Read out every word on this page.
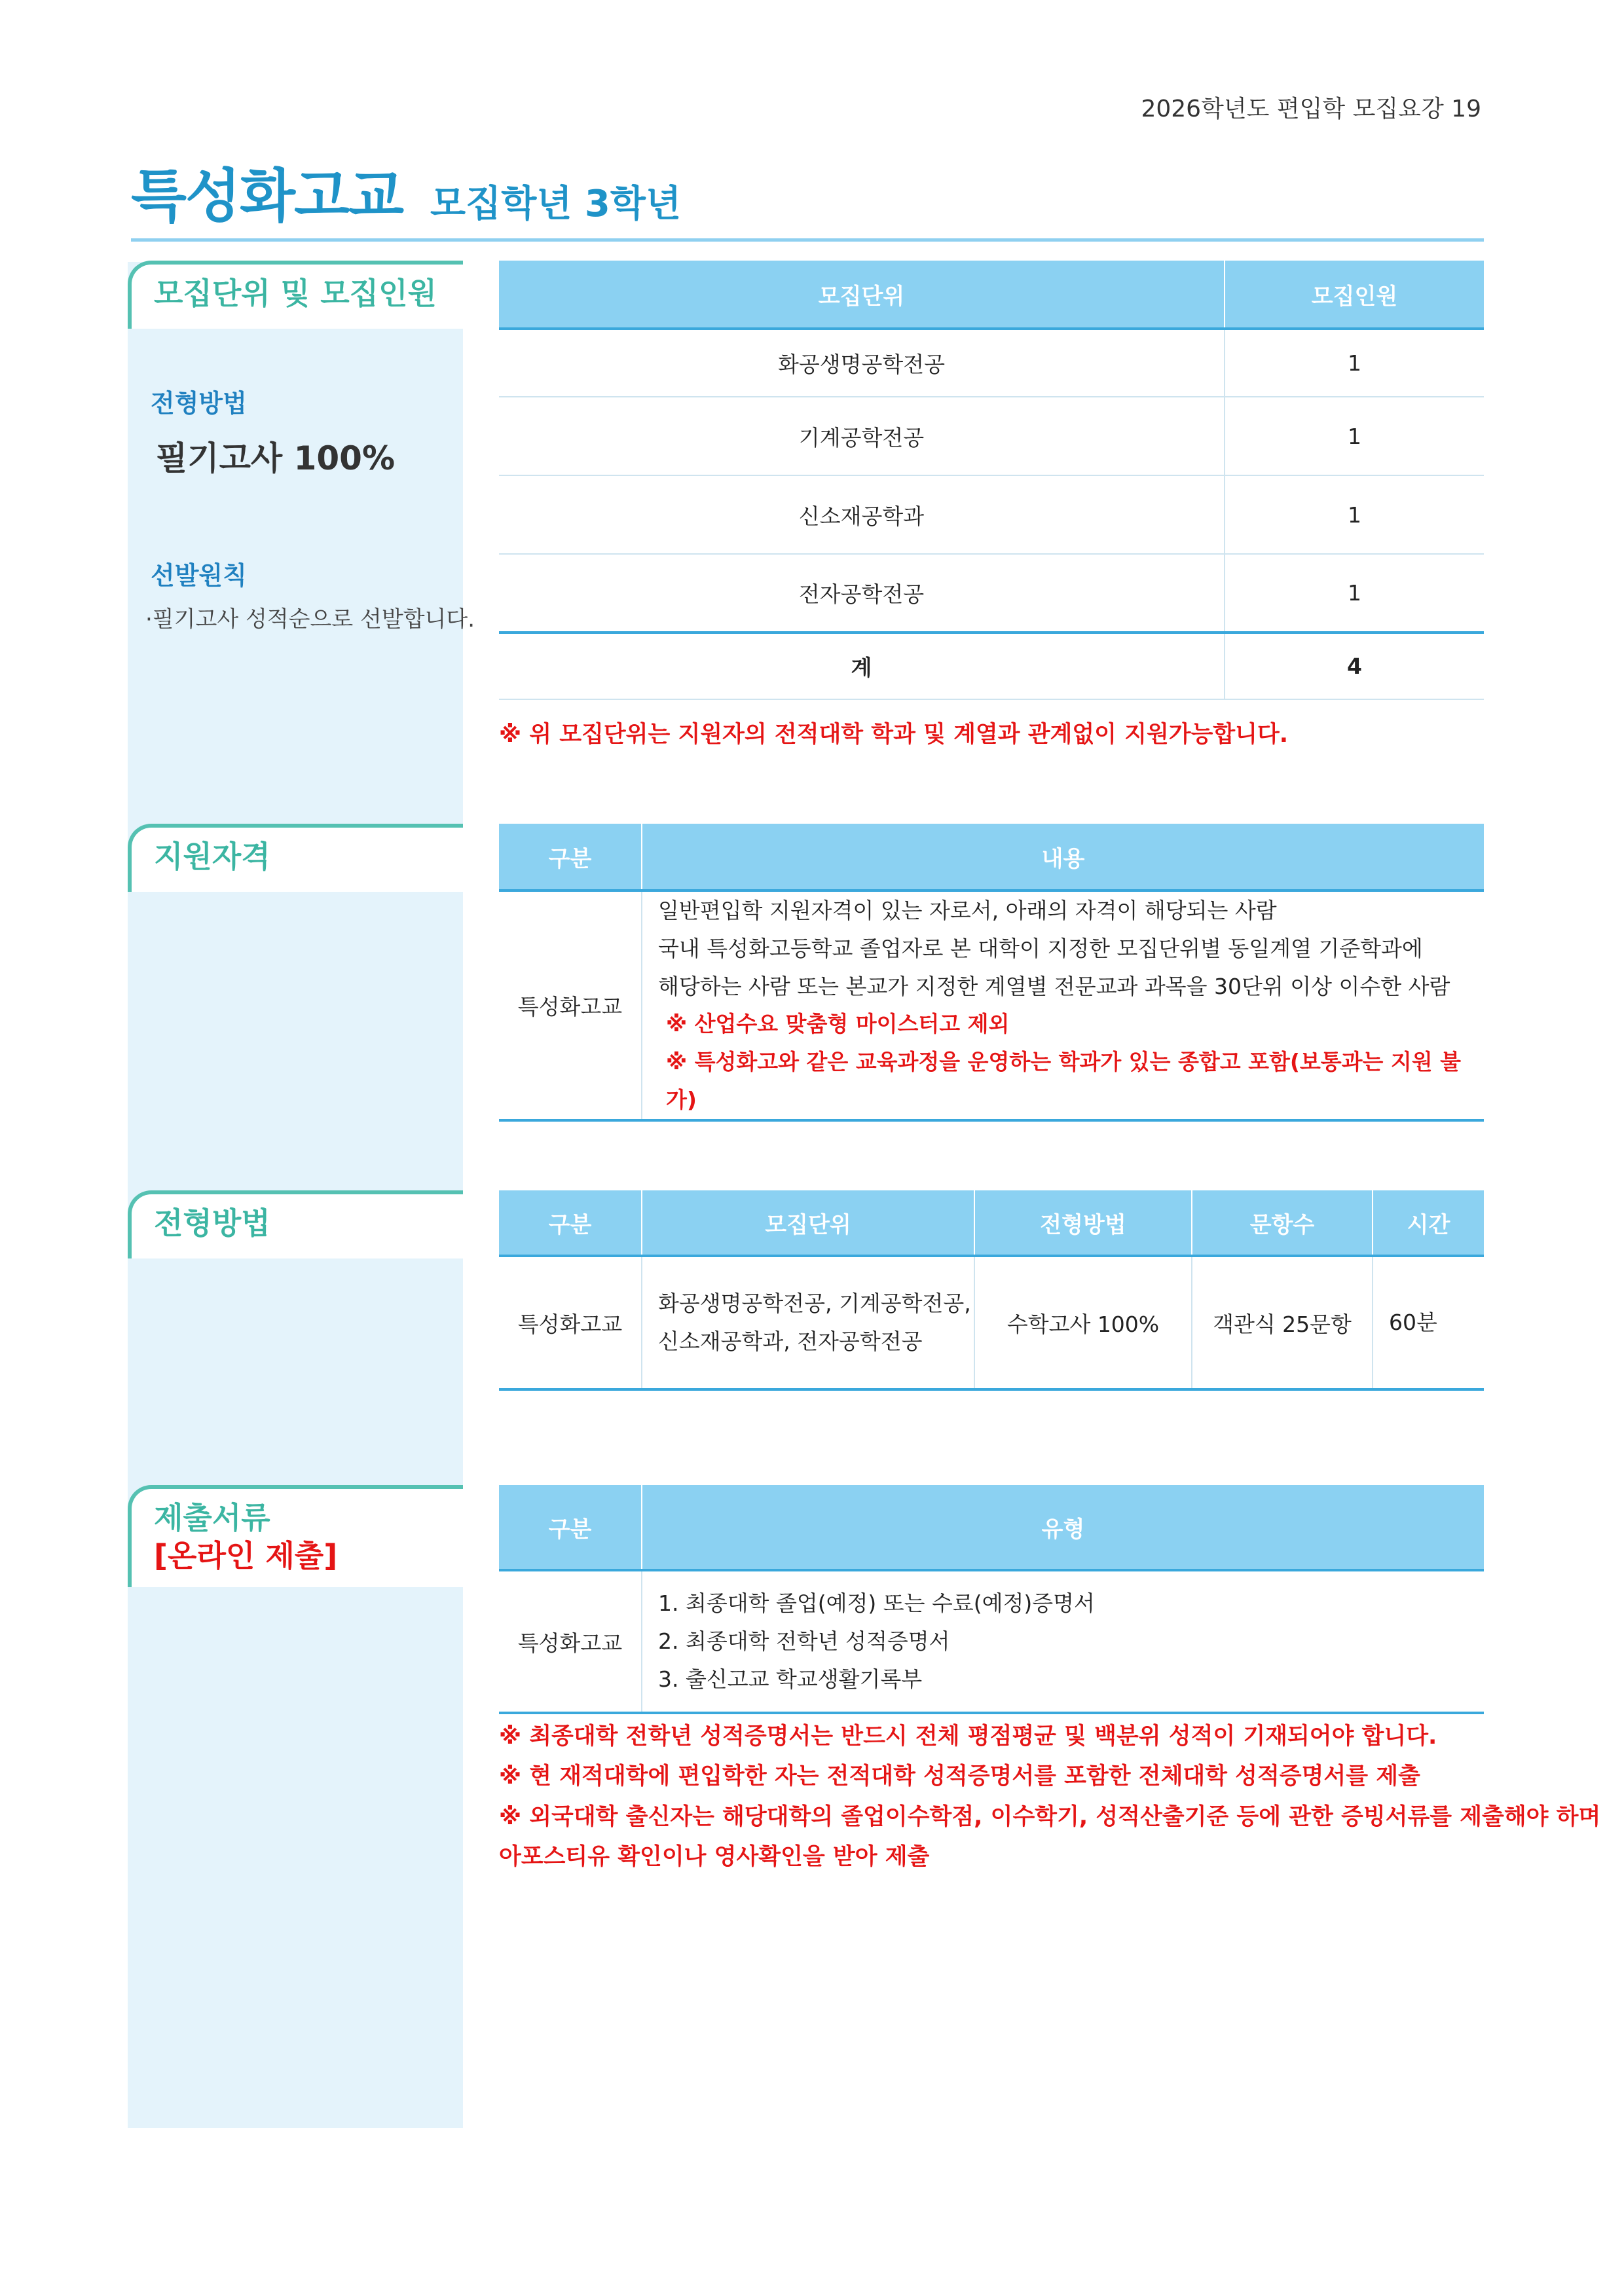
2026학년도 편입학 모집요강 19
특성화고교 모집학년 3학년
모집단위 및 모집인원
전형방법
필기고사 100%
선발원칙
·필기고사 성적순으로 선발합니다.
모집단위	모집인원
화공생명공학전공	1
기계공학전공	1
신소재공학과	1
전자공학전공	1
계	4
※ 위 모집단위는 지원자의 전적대학 학과 및 계열과 관계없이 지원가능합니다.
지원자격	구분	내용
특성화고교	일반편입학 지원자격이 있는 자로서, 아래의 자격이 해당되는 사람
국내 특성화고등학교 졸업자로 본 대학이 지정한 모집단위별 동일계열 기준학과에
해당하는 사람 또는 본교가 지정한 계열별 전문교과 과목을 30단위 이상 이수한 사람
※ 산업수요 맞춤형 마이스터고 제외
※ 특성화고와 같은 교육과정을 운영하는 학과가 있는 종합고 포함(보통과는 지원 불가)
전형방법	구분	모집단위	전형방법	문항수	시간
특성화고교	화공생명공학전공, 기계공학전공,
신소재공학과, 전자공학전공	수학고사 100%	객관식 25문항	60분
제출서류
[온라인 제출]
구분	유형
특성화고교	1. 최종대학 졸업(예정) 또는 수료(예정)증명서
2. 최종대학 전학년 성적증명서
3. 출신고교 학교생활기록부
※ 최종대학 전학년 성적증명서는 반드시 전체 평점평균 및 백분위 성적이 기재되어야 합니다.
※ 현 재적대학에 편입학한 자는 전적대학 성적증명서를 포함한 전체대학 성적증명서를 제출
※ 외국대학 출신자는 해당대학의 졸업이수학점, 이수학기, 성적산출기준 등에 관한 증빙서류를 제출해야 하며
아포스티유 확인이나 영사확인을 받아 제출
